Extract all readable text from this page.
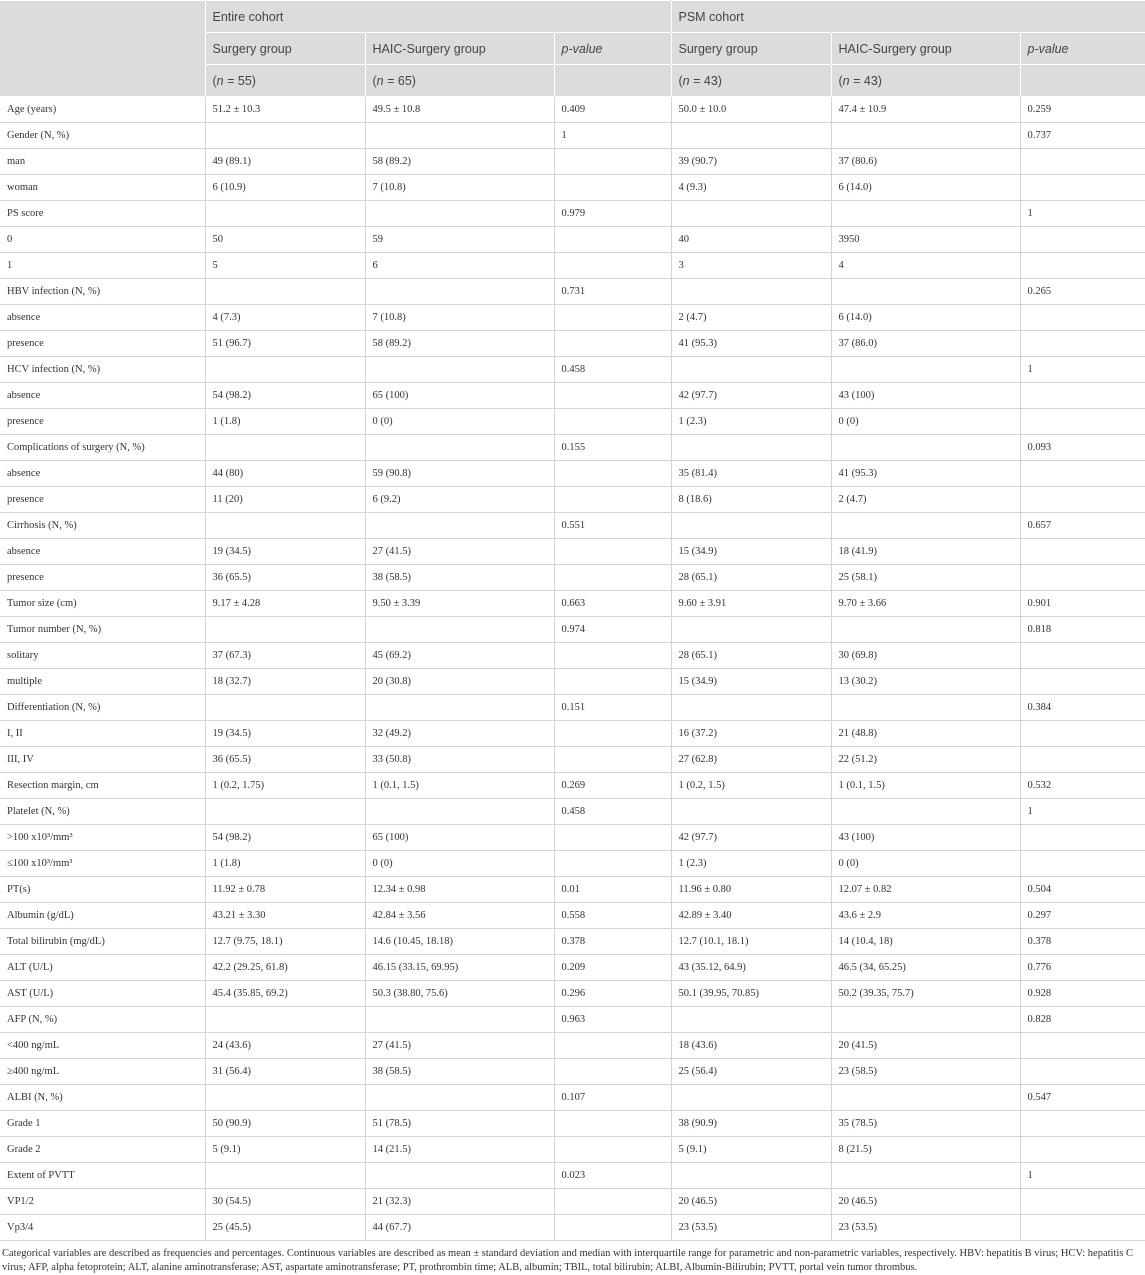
	Entire cohort			PSM cohort		
	Surgery group	HAIC-Surgery group	p-value	Surgery group	HAIC-Surgery group	p-value
	(n = 55)	(n = 65)		(n = 43)	(n = 43)	
Age (years)	51.2 ± 10.3	49.5 ± 10.8	0.409	50.0 ± 10.0	47.4 ± 10.9	0.259
Gender (N, %)			1			0.737
man	49 (89.1)	58 (89.2)		39 (90.7)	37 (80.6)	
woman	6 (10.9)	7 (10.8)		4 (9.3)	6 (14.0)	
PS score			0.979			1
0	50	59		40	3950	
1	5	6		3	4	
HBV infection (N, %)			0.731			0.265
absence	4 (7.3)	7 (10.8)		2 (4.7)	6 (14.0)	
presence	51 (96.7)	58 (89.2)		41 (95.3)	37 (86.0)	
HCV infection (N, %)			0.458			1
absence	54 (98.2)	65 (100)		42 (97.7)	43 (100)	
presence	1 (1.8)	0 (0)		1 (2.3)	0 (0)	
Complications of surgery (N, %)			0.155			0.093
absence	44 (80)	59 (90.8)		35 (81.4)	41 (95.3)	
presence	11 (20)	6 (9.2)		8 (18.6)	2 (4.7)	
Cirrhosis (N, %)			0.551			0.657
absence	19 (34.5)	27 (41.5)		15 (34.9)	18 (41.9)	
presence	36 (65.5)	38 (58.5)		28 (65.1)	25 (58.1)	
Tumor size (cm)	9.17 ± 4.28	9.50 ± 3.39	0.663	9.60 ± 3.91	9.70 ± 3.66	0.901
Tumor number (N, %)			0.974			0.818
solitary	37 (67.3)	45 (69.2)		28 (65.1)	30 (69.8)	
multiple	18 (32.7)	20 (30.8)		15 (34.9)	13 (30.2)	
Differentiation (N, %)			0.151			0.384
I, II	19 (34.5)	32 (49.2)		16 (37.2)	21 (48.8)	
III, IV	36 (65.5)	33 (50.8)		27 (62.8)	22 (51.2)	
Resection margin, cm	1 (0.2, 1.75)	1 (0.1, 1.5)	0.269	1 (0.2, 1.5)	1 (0.1, 1.5)	0.532
Platelet (N, %)			0.458			1
>100 x10³/mm³	54 (98.2)	65 (100)		42 (97.7)	43 (100)	
≤100 x10³/mm³	1 (1.8)	0 (0)		1 (2.3)	0 (0)	
PT(s)	11.92 ± 0.78	12.34 ± 0.98	0.01	11.96 ± 0.80	12.07 ± 0.82	0.504
Albumin (g/dL)	43.21 ± 3.30	42.84 ± 3.56	0.558	42.89 ± 3.40	43.6 ± 2.9	0.297
Total bilirubin (mg/dL)	12.7 (9.75, 18.1)	14.6 (10.45, 18.18)	0.378	12.7 (10.1, 18.1)	14 (10.4, 18)	0.378
ALT (U/L)	42.2 (29.25, 61.8)	46.15 (33.15, 69.95)	0.209	43 (35.12, 64.9)	46.5 (34, 65.25)	0.776
AST (U/L)	45.4 (35.85, 69.2)	50.3 (38.80, 75.6)	0.296	50.1 (39.95, 70.85)	50.2 (39.35, 75.7)	0.928
AFP (N, %)			0.963			0.828
<400 ng/mL	24 (43.6)	27 (41.5)		18 (43.6)	20 (41.5)	
≥400 ng/mL	31 (56.4)	38 (58.5)		25 (56.4)	23 (58.5)	
ALBI (N, %)			0.107			0.547
Grade 1	50 (90.9)	51 (78.5)		38 (90.9)	35 (78.5)	
Grade 2	5 (9.1)	14 (21.5)		5 (9.1)	8 (21.5)	
Extent of PVTT			0.023			1
VP1/2	30 (54.5)	21 (32.3)		20 (46.5)	20 (46.5)	
Vp3/4	25 (45.5)	44 (67.7)		23 (53.5)	23 (53.5)	
Categorical variables are described as frequencies and percentages. Continuous variables are described as mean ± standard deviation and median with interquartile range for parametric and non-parametric variables, respectively. HBV: hepatitis B virus; HCV: hepatitis C virus; AFP, alpha fetoprotein; ALT, alanine aminotransferase; AST, aspartate aminotransferase; PT, prothrombin time; ALB, albumin; TBIL, total bilirubin; ALBI, Albumin-Bilirubin; PVTT, portal vein tumor thrombus.
